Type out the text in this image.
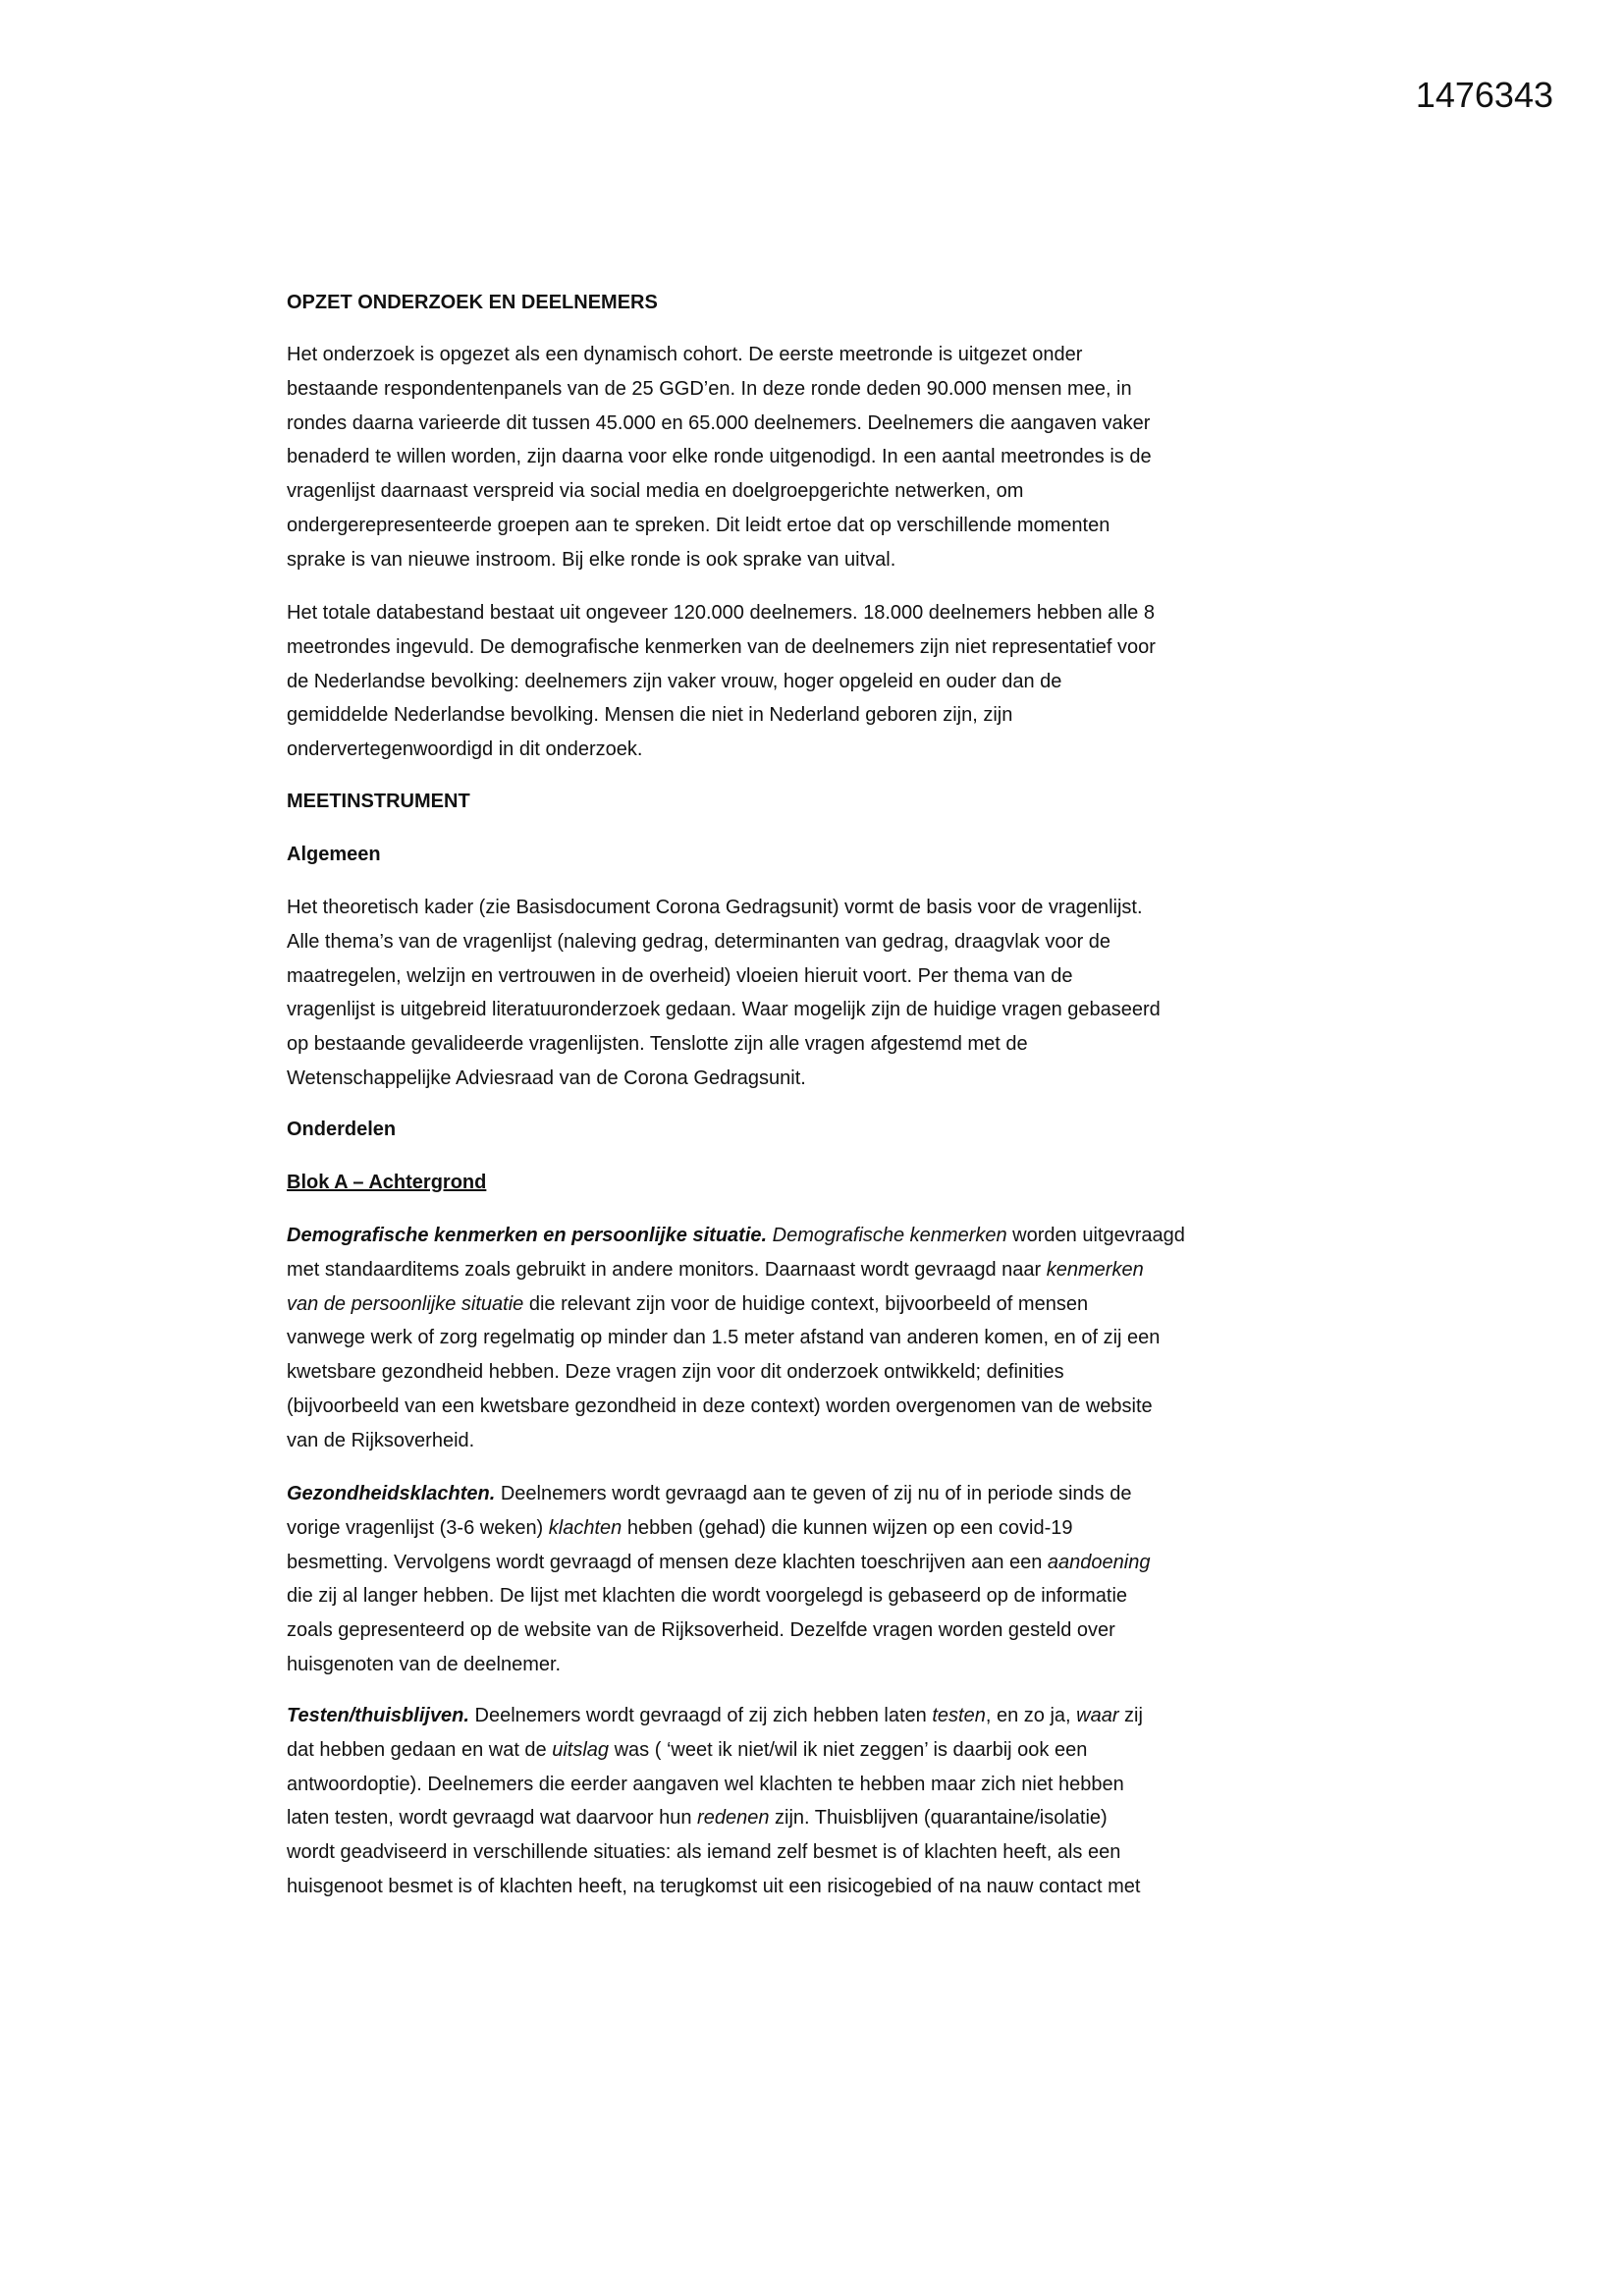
1476343
OPZET ONDERZOEK EN DEELNEMERS
Het onderzoek is opgezet als een dynamisch cohort. De eerste meetronde is uitgezet onder
bestaande respondentenpanels van de 25 GGD’en. In deze ronde deden 90.000 mensen mee, in
rondes daarna varieerde dit tussen 45.000 en 65.000 deelnemers. Deelnemers die aangaven vaker
benaderd te willen worden, zijn daarna voor elke ronde uitgenodigd. In een aantal meetrondes is de
vragenlijst daarnaast verspreid via social media en doelgroepgerichte netwerken, om
ondergerepresenteerde groepen aan te spreken. Dit leidt ertoe dat op verschillende momenten
sprake is van nieuwe instroom. Bij elke ronde is ook sprake van uitval.
Het totale databestand bestaat uit ongeveer 120.000 deelnemers. 18.000 deelnemers hebben alle 8
meetrondes ingevuld. De demografische kenmerken van de deelnemers zijn niet representatief voor
de Nederlandse bevolking: deelnemers zijn vaker vrouw, hoger opgeleid en ouder dan de
gemiddelde Nederlandse bevolking. Mensen die niet in Nederland geboren zijn, zijn
ondervertegenwoordigd in dit onderzoek.
MEETINSTRUMENT
Algemeen
Het theoretisch kader (zie Basisdocument Corona Gedragsunit) vormt de basis voor de vragenlijst.
Alle thema’s van de vragenlijst (naleving gedrag, determinanten van gedrag, draagvlak voor de
maatregelen, welzijn en vertrouwen in de overheid) vloeien hieruit voort. Per thema van de
vragenlijst is uitgebreid literatuuronderzoek gedaan. Waar mogelijk zijn de huidige vragen gebaseerd
op bestaande gevalideerde vragenlijsten. Tenslotte zijn alle vragen afgestemd met de
Wetenschappelijke Adviesraad van de Corona Gedragsunit.
Onderdelen
Blok A – Achtergrond
Demografische kenmerken en persoonlijke situatie. Demografische kenmerken worden uitgevraagd
met standaarditems zoals gebruikt in andere monitors. Daarnaast wordt gevraagd naar kenmerken
van de persoonlijke situatie die relevant zijn voor de huidige context, bijvoorbeeld of mensen
vanwege werk of zorg regelmatig op minder dan 1.5 meter afstand van anderen komen, en of zij een
kwetsbare gezondheid hebben. Deze vragen zijn voor dit onderzoek ontwikkeld; definities
(bijvoorbeeld van een kwetsbare gezondheid in deze context) worden overgenomen van de website
van de Rijksoverheid.
Gezondheidsklachten. Deelnemers wordt gevraagd aan te geven of zij nu of in periode sinds de
vorige vragenlijst (3-6 weken) klachten hebben (gehad) die kunnen wijzen op een covid-19
besmetting. Vervolgens wordt gevraagd of mensen deze klachten toeschrijven aan een aandoening
die zij al langer hebben. De lijst met klachten die wordt voorgelegd is gebaseerd op de informatie
zoals gepresenteerd op de website van de Rijksoverheid. Dezelfde vragen worden gesteld over
huisgenoten van de deelnemer.
Testen/thuisblijven. Deelnemers wordt gevraagd of zij zich hebben laten testen, en zo ja, waar zij
dat hebben gedaan en wat de uitslag was ( ‘weet ik niet/wil ik niet zeggen’ is daarbij ook een
antwoordoptie). Deelnemers die eerder aangaven wel klachten te hebben maar zich niet hebben
laten testen, wordt gevraagd wat daarvoor hun redenen zijn. Thuisblijven (quarantaine/isolatie)
wordt geadviseerd in verschillende situaties: als iemand zelf besmet is of klachten heeft, als een
huisgenoot besmet is of klachten heeft, na terugkomst uit een risicogebied of na nauw contact met
